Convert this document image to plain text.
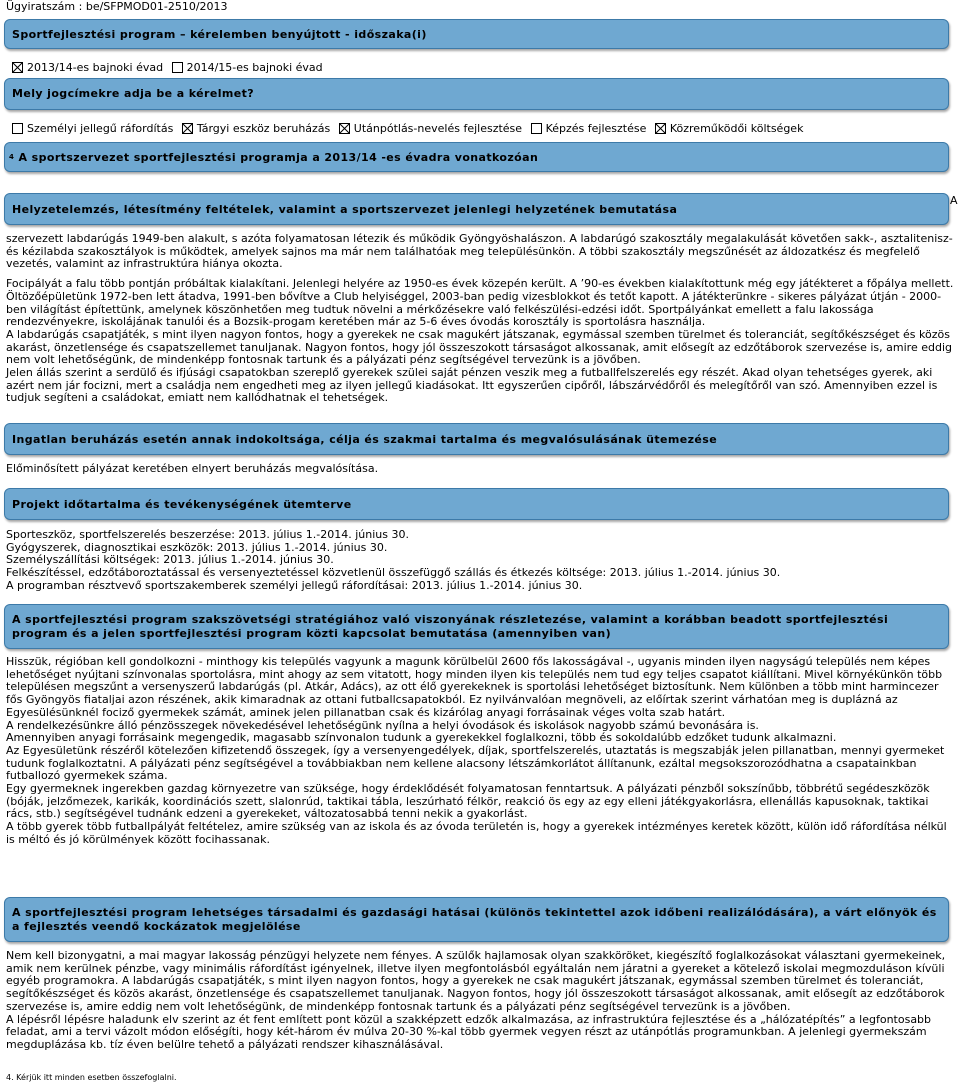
Ügyiratszám : be/SFPMOD01-2510/2013
Sportfejlesztési program – kérelemben benyújtott - időszaka(i)
2013/14-es bajnoki évad 2014/15-es bajnoki évad
Mely jogcímekre adja be a kérelmet?
Személyi jellegű ráfordítás Tárgyi eszköz beruházás Utánpótlás-nevelés fejlesztése Képzés fejlesztése Közreműködői költségek
4
A sportszervezet sportfejlesztési programja a 2013/14 -es évadra vonatkozóan
Helyzetelemzés, létesítmény feltételek, valamint a sportszervezet jelenlegi helyzetének bemutatása
A

szervezett labdarúgás 1949-ben alakult, s azóta folyamatosan létezik és működik Gyöngyöshalászon. A labdarúgó szakosztály megalakulását követően sakk-, asztalitenisz- és kézilabda szakosztályok is működtek, amelyek sajnos ma már nem találhatóak meg településünkön. A többi szakosztály megszűnését az áldozatkész és megfelelő vezetés, valamint az infrastruktúra hiánya okozta.

Focipályát a falu több pontján próbáltak kialakítani. Jelenlegi helyére az 1950-es évek közepén került. A ’90-es években kialakítottunk még egy játékteret a főpálya mellett. Öltözőépületünk 1972-ben lett átadva, 1991-ben bővítve a Club helyiséggel, 2003-ban pedig vizesblokkot és tetőt kapott. A játékterünkre - sikeres pályázat útján - 2000-ben világítást építettünk, amelynek köszönhetően meg tudtuk növelni a mérkőzésekre való felkészülési-edzési időt. Sportpályánkat emellett a falu lakossága rendezvényekre, iskolájának tanulói és a Bozsik-progam keretében már az 5-6 éves óvodás korosztály is sportolásra használja.

A labdarúgás csapatjáték, s mint ilyen nagyon fontos, hogy a gyerekek ne csak magukért játszanak, egymással szemben türelmet és toleranciát, segítőkészséget és közös akarást, önzetlensége és csapatszellemet tanuljanak. Nagyon fontos, hogy jól összeszokott társaságot alkossanak, amit elősegít az edzőtáborok szervezése is, amire eddig nem volt lehetőségünk, de mindenképp fontosnak tartunk és a pályázati pénz segítségével tervezünk is a jövőben.

Jelen állás szerint a serdülő és ifjúsági csapatokban szereplő gyerekek szülei saját pénzen veszik meg a futballfelszerelés egy részét. Akad olyan tehetséges gyerek, aki azért nem jár focizni, mert a családja nem engedheti meg az ilyen jellegű kiadásokat. Itt egyszerűen cipőről, lábszárvédőről és melegítőről van szó. Amennyiben ezzel is tudjuk segíteni a családokat, emiatt nem kallódhatnak el tehetségek.

Ingatlan beruházás esetén annak indokoltsága, célja és szakmai tartalma és megvalósulásának ütemezése
Előminősített pályázat keretében elnyert beruházás megvalósítása.
Projekt időtartalma és tevékenységének ütemterve

Sporteszköz, sportfelszerelés beszerzése: 2013. július 1.-2014. június 30.

Gyógyszerek, diagnosztikai eszközök: 2013. július 1.-2014. június 30.

Személyszállítási költségek: 2013. július 1.-2014. június 30.

Felkészítéssel, edzőtáboroztatással és versenyeztetéssel közvetlenül összefüggő szállás és étkezés költsége: 2013. július 1.-2014. június 30.

A programban résztvevő sportszakemberek személyi jellegű ráfordításai: 2013. július 1.-2014. június 30.

A sportfejlesztési program szakszövetségi stratégiához való viszonyának részletezése, valamint a korábban beadott sportfejlesztési program és a jelen sportfejlesztési program közti kapcsolat bemutatása (amennyiben van)

Hisszük, régióban kell gondolkozni - minthogy kis település vagyunk a magunk körülbelül 2600 fős lakosságával -, ugyanis minden ilyen nagyságú település nem képes lehetőséget nyújtani színvonalas sportolásra, mint ahogy az sem vitatott, hogy minden ilyen kis település nem tud egy teljes csapatot kiállítani. Mivel környékünkön több településen megszűnt a versenyszerű labdarúgás (pl. Atkár, Adács), az ott élő gyerekeknek is sportolási lehetőséget biztosítunk. Nem különben a több mint harmincezer fős Gyöngyös fiataljai azon részének, akik kimaradnak az ottani futballcsapatokból. Ez nyilvánvalóan megnöveli, az előírtak szerint várhatóan meg is duplázná az Egyesülésünknél fociző gyermekek számát, aminek jelen pillanatban csak és kizárólag anyagi forrásainak véges volta szab határt.

A rendelkezésünkre álló pénzösszegek növekedésével lehetőségünk nyílna a helyi óvodások és iskolások nagyobb számú bevonására is.

Amennyiben anyagi forrásaink megengedik, magasabb színvonalon tudunk a gyerekekkel foglalkozni, több és sokoldalúbb edzőket tudunk alkalmazni.

Az Egyesületünk részéről kötelezően kifizetendő összegek, így a versenyengedélyek, díjak, sportfelszerelés, utaztatás is megszabják jelen pillanatban, mennyi gyermeket tudunk foglalkoztatni. A pályázati pénz segítségével a továbbiakban nem kellene alacsony létszámkorlátot állítanunk, ezáltal megsokszorozódhatna a csapatainkban futballozó gyermekek száma.

Egy gyermeknek ingerekben gazdag környezetre van szüksége, hogy érdeklődését folyamatosan fenntartsuk. A pályázati pénzből sokszínűbb, többrétű segédeszközök (bóják, jelzőmezek, karikák, koordinációs szett, slalonrúd, taktikai tábla, leszúrható félkör, reakció ös egy az egy elleni játékgyakorlásra, ellenállás kapusoknak, taktikai rács, stb.) segítségével tudnánk edzeni a gyerekeket, változatosabbá tenni nekik a gyakorlást.

A több gyerek több futballpályát feltételez, amire szükség van az iskola és az óvoda területén is, hogy a gyerekek intézményes keretek között, külön idő ráfordítása nélkül is méltó és jó körülmények között focihassanak.

A sportfejlesztési program lehetséges társadalmi és gazdasági hatásai (különös tekintettel azok időbeni realizálódására), a várt előnyök és a fejlesztés veendő kockázatok megjelölése

Nem kell bizonygatni, a mai magyar lakosság pénzügyi helyzete nem fényes. A szülők hajlamosak olyan szakköröket, kiegészítő foglalkozásokat választani gyermekeinek, amik nem kerülnek pénzbe, vagy minimális ráfordítást igényelnek, illetve ilyen megfontolásból egyáltalán nem járatni a gyereket a kötelező iskolai megmozduláson kívüli egyéb programokra. A labdarúgás csapatjáték, s mint ilyen nagyon fontos, hogy a gyerekek ne csak magukért játszanak, egymással szemben türelmet és toleranciát, segítőkészséget és közös akarást, önzetlensége és csapatszellemet tanuljanak. Nagyon fontos, hogy jól összeszokott társaságot alkossanak, amit elősegít az edzőtáborok szervezése is, amire eddig nem volt lehetőségünk, de mindenképp fontosnak tartunk és a pályázati pénz segítségével tervezünk is a jövőben.

A lépésről lépésre haladunk elv szerint az ét fent említett pont közül a szakképzett edzők alkalmazása, az infrastruktúra fejlesztése és a „hálózatépítés” a legfontosabb feladat, ami a tervi vázolt módon előségíti, hogy két-három év múlva 20-30 %-kal több gyermek vegyen részt az utánpótlás programunkban. A jelenlegi gyermekszám megduplázása kb. tíz éven belülre tehető a pályázati rendszer kihasználásával.

4. Kérjük itt minden esetben összefoglalni.
